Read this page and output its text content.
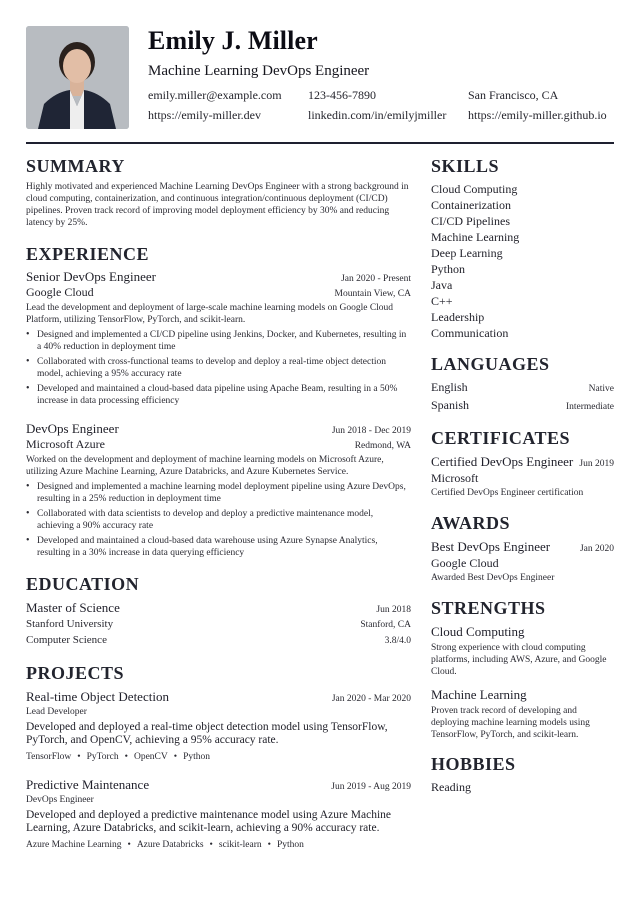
Emily J. Miller
Machine Learning DevOps Engineer
emily.miller@example.com	123-456-7890	San Francisco, CA
https://emily-miller.dev	linkedin.com/in/emilyjmiller	https://emily-miller.github.io
SUMMARY

Highly motivated and experienced Machine Learning DevOps Engineer with a strong background in cloud computing, containerization, and continuous integration/continuous deployment (CI/CD) pipelines. Proven track record of improving model deployment efficiency by 30% and reducing latency by 25%.

EXPERIENCE
Senior DevOps Engineer	Jan 2020 - Present
Google Cloud	Mountain View, CA

Lead the development and deployment of large-scale machine learning models on Google Cloud Platform, utilizing TensorFlow, PyTorch, and scikit-learn.

• Designed and implemented a CI/CD pipeline using Jenkins, Docker, and Kubernetes, resulting in a 40% reduction in deployment time
• Collaborated with cross-functional teams to develop and deploy a real-time object detection model, achieving a 95% accuracy rate
• Developed and maintained a cloud-based data pipeline using Apache Beam, resulting in a 50% increase in data processing efficiency
DevOps Engineer	Jun 2018 - Dec 2019
Microsoft Azure	Redmond, WA

Worked on the development and deployment of machine learning models on Microsoft Azure, utilizing Azure Machine Learning, Azure Databricks, and Azure Kubernetes Service.

• Designed and implemented a machine learning model deployment pipeline using Azure DevOps, resulting in a 25% reduction in deployment time
• Collaborated with data scientists to develop and deploy a predictive maintenance model, achieving a 90% accuracy rate
• Developed and maintained a cloud-based data warehouse using Azure Synapse Analytics, resulting in a 30% increase in data querying efficiency
EDUCATION
Master of Science	Jun 2018
Stanford University	Stanford, CA
Computer Science	3.8/4.0
PROJECTS
Real-time Object Detection	Jan 2020 - Mar 2020
Lead Developer

Developed and deployed a real-time object detection model using TensorFlow, PyTorch, and OpenCV, achieving a 95% accuracy rate.

TensorFlow • PyTorch • OpenCV • Python
Predictive Maintenance	Jun 2019 - Aug 2019
DevOps Engineer

Developed and deployed a predictive maintenance model using Azure Machine Learning, Azure Databricks, and scikit-learn, achieving a 90% accuracy rate.

Azure Machine Learning • Azure Databricks • scikit-learn • Python
SKILLS
Cloud Computing
Containerization
CI/CD Pipelines
Machine Learning
Deep Learning
Python
Java
C++
Leadership
Communication
LANGUAGES
English	Native
Spanish	Intermediate
CERTIFICATES
Certified DevOps Engineer Jun 2019
Microsoft
Certified DevOps Engineer certification
AWARDS
Best DevOps Engineer	Jan 2020
Google Cloud
Awarded Best DevOps Engineer
STRENGTHS
Cloud Computing
Strong experience with cloud computing platforms, including AWS, Azure, and Google Cloud.
Machine Learning
Proven track record of developing and deploying machine learning models using TensorFlow, PyTorch, and scikit-learn.
HOBBIES
Reading
